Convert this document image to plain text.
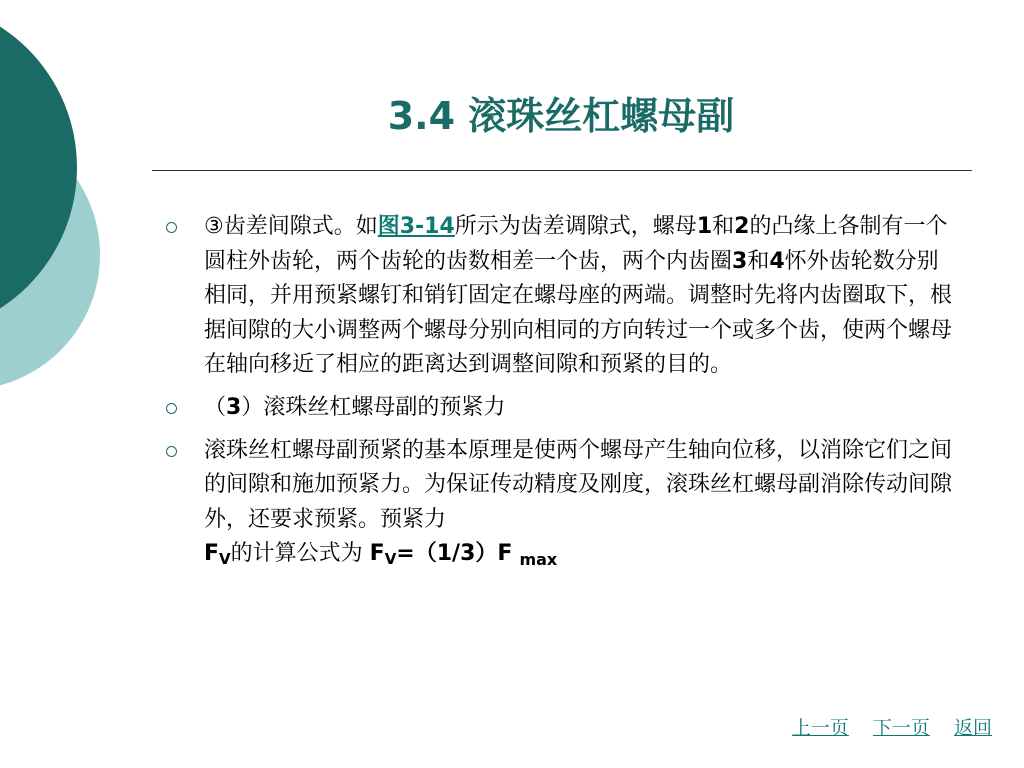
3.4 滚珠丝杠螺母副
③齿差间隙式。如图3-14所示为齿差调隙式，螺母1和2的凸缘上各制有一个圆柱外齿轮，两个齿轮的齿数相差一个齿，两个内齿圈3和4怀外齿轮数分别相同，并用预紧螺钉和销钉固定在螺母座的两端。调整时先将内齿圈取下，根据间隙的大小调整两个螺母分别向相同的方向转过一个或多个齿，使两个螺母在轴向移近了相应的距离达到调整间隙和预紧的目的。
（3）滚珠丝杠螺母副的预紧力
滚珠丝杠螺母副预紧的基本原理是使两个螺母产生轴向位移，以消除它们之间的间隙和施加预紧力。为保证传动精度及刚度，滚珠丝杠螺母副消除传动间隙外，还要求预紧。预紧力
FV的计算公式为 FV=（1/3）F $_{max}$
上一页 下一页 返回
